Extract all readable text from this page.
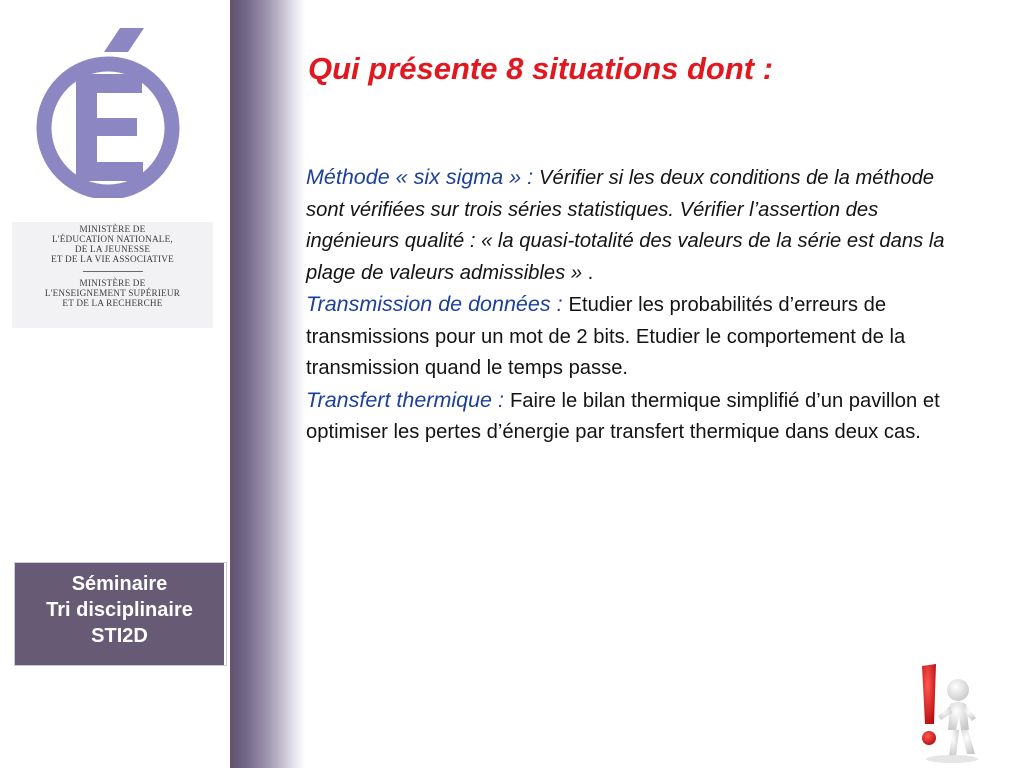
MINISTÈRE DE
L'ÉDUCATION NATIONALE,
DE LA JEUNESSE
ET DE LA VIE ASSOCIATIVE
MINISTÈRE DE
L'ENSEIGNEMENT SUPÉRIEUR
ET DE LA RECHERCHE
Séminaire
Tri disciplinaire
STI2D
Qui présente 8 situations dont :
Méthode « six sigma » : Vérifier si les deux conditions de la méthode sont vérifiées sur trois séries statistiques. Vérifier l’assertion des ingénieurs qualité : « la quasi-totalité des valeurs de la série est dans la plage de valeurs admissibles » .
Transmission de données : Etudier les probabilités d’erreurs de transmissions pour un mot de 2 bits. Etudier le comportement de la transmission quand le temps passe.
Transfert thermique : Faire le bilan thermique simplifié d’un pavillon et optimiser les pertes d’énergie par transfert thermique dans deux cas.
